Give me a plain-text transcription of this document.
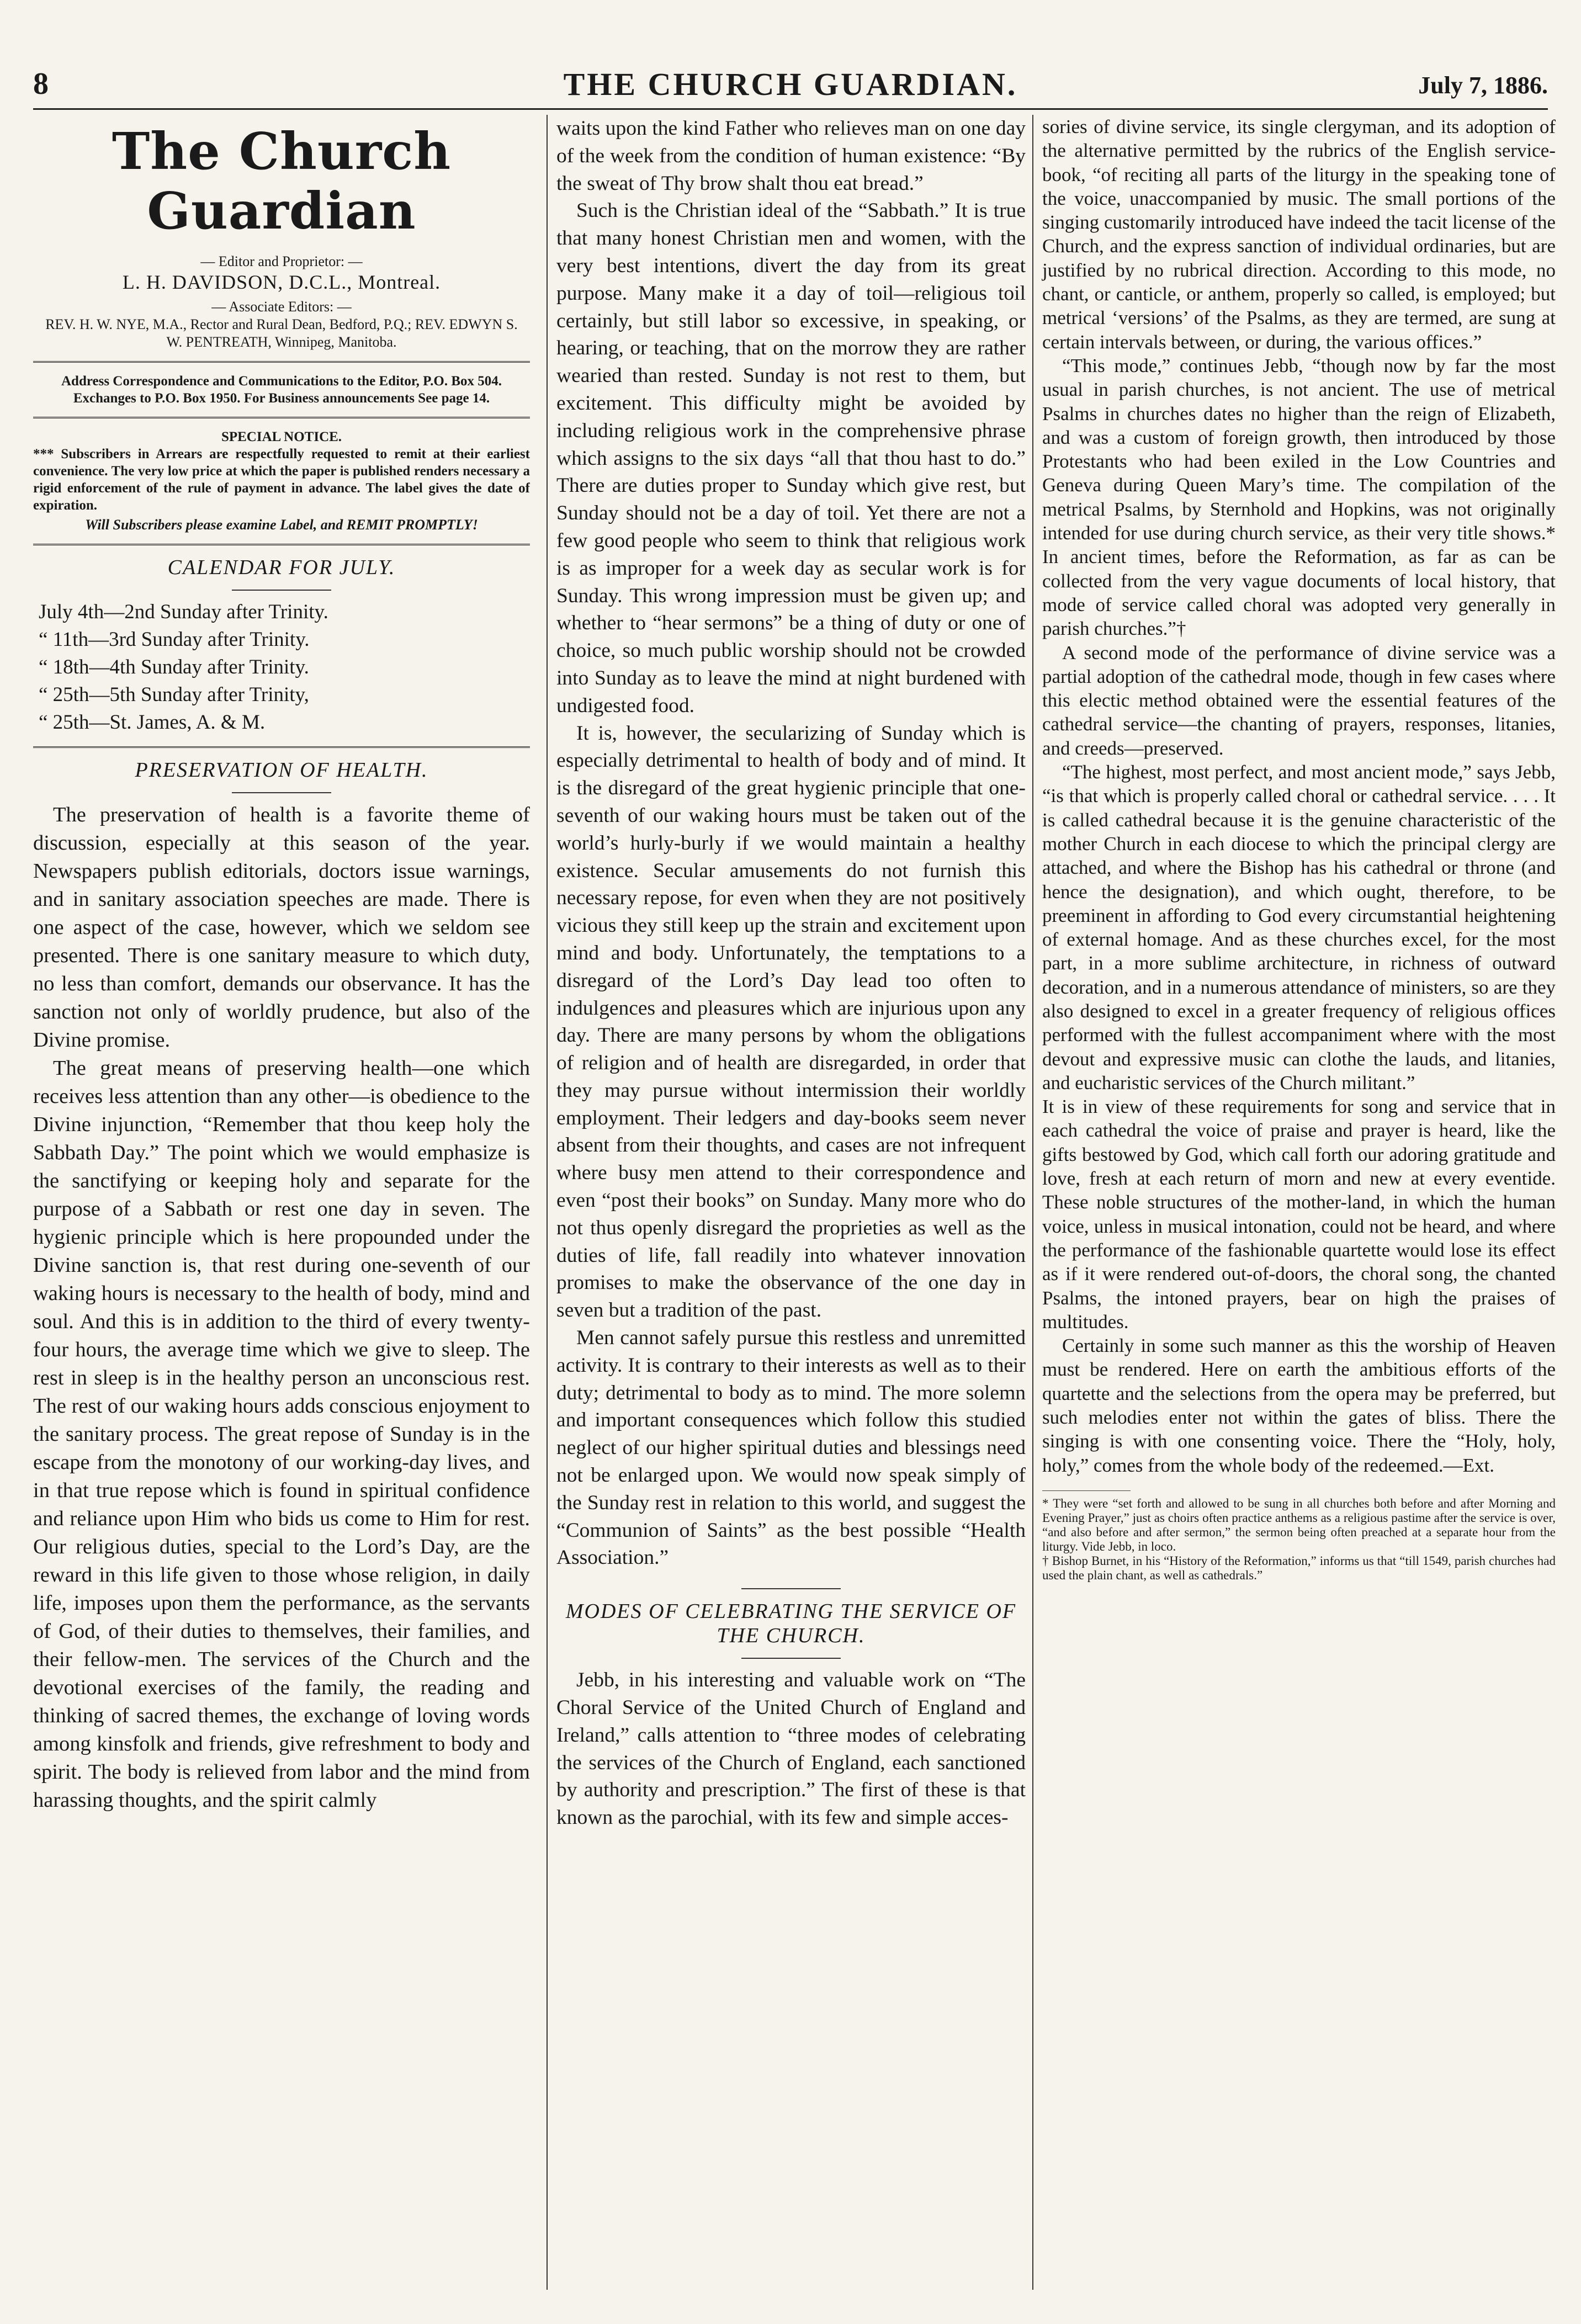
8	THE CHURCH GUARDIAN.	July 7, 1886.
The Church Guardian
— Editor and Proprietor: —
L. H. DAVIDSON, D.C.L., Montreal.
— Associate Editors: —
REV. H. W. NYE, M.A., Rector and Rural Dean, Bedford, P.Q.; REV. EDWYN S. W. PENTREATH, Winnipeg, Manitoba.
Address Correspondence and Communications to the Editor, P.O. Box 504. Exchanges to P.O. Box 1950. For Business announcements See page 14.
SPECIAL NOTICE.

*** Subscribers in Arrears are respectfully requested to remit at their earliest convenience. The very low price at which the paper is published renders necessary a rigid enforcement of the rule of payment in advance. The label gives the date of expiration.

Will Subscribers please examine Label, and REMIT PROMPTLY!

CALENDAR FOR JULY.
July 4th—2nd Sunday after Trinity.
“ 11th—3rd Sunday after Trinity.
“ 18th—4th Sunday after Trinity.
“ 25th—5th Sunday after Trinity,
“ 25th—St. James, A. & M.
PRESERVATION OF HEALTH.

The preservation of health is a favorite theme of discussion, especially at this season of the year. Newspapers publish editorials, doctors issue warnings, and in sanitary association speeches are made. There is one aspect of the case, however, which we seldom see presented. There is one sanitary measure to which duty, no less than comfort, demands our observance. It has the sanction not only of worldly prudence, but also of the Divine promise.

The great means of preserving health—one which receives less attention than any other—is obedience to the Divine injunction, “Remember that thou keep holy the Sabbath Day.” The point which we would emphasize is the sanctifying or keeping holy and separate for the purpose of a Sabbath or rest one day in seven. The hygienic principle which is here propounded under the Divine sanction is, that rest during one-seventh of our waking hours is necessary to the health of body, mind and soul. And this is in addition to the third of every twenty-four hours, the average time which we give to sleep. The rest in sleep is in the healthy person an unconscious rest. The rest of our waking hours adds conscious enjoyment to the sanitary process. The great repose of Sunday is in the escape from the monotony of our working-day lives, and in that true repose which is found in spiritual confidence and reliance upon Him who bids us come to Him for rest. Our religious duties, special to the Lord’s Day, are the reward in this life given to those whose religion, in daily life, imposes upon them the performance, as the servants of God, of their duties to themselves, their families, and their fellow-men. The services of the Church and the devotional exercises of the family, the reading and thinking of sacred themes, the exchange of loving words among kinsfolk and friends, give refreshment to body and spirit. The body is relieved from labor and the mind from harassing thoughts, and the spirit calmly

waits upon the kind Father who relieves man on one day of the week from the condition of human existence: “By the sweat of Thy brow shalt thou eat bread.”

Such is the Christian ideal of the “Sabbath.” It is true that many honest Christian men and women, with the very best intentions, divert the day from its great purpose. Many make it a day of toil—religious toil certainly, but still labor so excessive, in speaking, or hearing, or teaching, that on the morrow they are rather wearied than rested. Sunday is not rest to them, but excitement. This difficulty might be avoided by including religious work in the comprehensive phrase which assigns to the six days “all that thou hast to do.” There are duties proper to Sunday which give rest, but Sunday should not be a day of toil. Yet there are not a few good people who seem to think that religious work is as improper for a week day as secular work is for Sunday. This wrong impression must be given up; and whether to “hear sermons” be a thing of duty or one of choice, so much public worship should not be crowded into Sunday as to leave the mind at night burdened with undigested food.

It is, however, the secularizing of Sunday which is especially detrimental to health of body and of mind. It is the disregard of the great hygienic principle that one-seventh of our waking hours must be taken out of the world’s hurly-burly if we would maintain a healthy existence. Secular amusements do not furnish this necessary repose, for even when they are not positively vicious they still keep up the strain and excitement upon mind and body. Unfortunately, the temptations to a disregard of the Lord’s Day lead too often to indulgences and pleasures which are injurious upon any day. There are many persons by whom the obligations of religion and of health are disregarded, in order that they may pursue without intermission their worldly employment. Their ledgers and day-books seem never absent from their thoughts, and cases are not infrequent where busy men attend to their correspondence and even “post their books” on Sunday. Many more who do not thus openly disregard the proprieties as well as the duties of life, fall readily into whatever innovation promises to make the observance of the one day in seven but a tradition of the past.

Men cannot safely pursue this restless and unremitted activity. It is contrary to their interests as well as to their duty; detrimental to body as to mind. The more solemn and important consequences which follow this studied neglect of our higher spiritual duties and blessings need not be enlarged upon. We would now speak simply of the Sunday rest in relation to this world, and suggest the “Communion of Saints” as the best possible “Health Association.”

MODES OF CELEBRATING THE SERVICE OF THE CHURCH.

Jebb, in his interesting and valuable work on “The Choral Service of the United Church of England and Ireland,” calls attention to “three modes of celebrating the services of the Church of England, each sanctioned by authority and prescription.” The first of these is that known as the parochial, with its few and simple acces-

sories of divine service, its single clergyman, and its adoption of the alternative permitted by the rubrics of the English service-book, “of reciting all parts of the liturgy in the speaking tone of the voice, unaccompanied by music. The small portions of the singing customarily introduced have indeed the tacit license of the Church, and the express sanction of individual ordinaries, but are justified by no rubrical direction. According to this mode, no chant, or canticle, or anthem, properly so called, is employed; but metrical ‘versions’ of the Psalms, as they are termed, are sung at certain intervals between, or during, the various offices.”

“This mode,” continues Jebb, “though now by far the most usual in parish churches, is not ancient. The use of metrical Psalms in churches dates no higher than the reign of Elizabeth, and was a custom of foreign growth, then introduced by those Protestants who had been exiled in the Low Countries and Geneva during Queen Mary’s time. The compilation of the metrical Psalms, by Sternhold and Hopkins, was not originally intended for use during church service, as their very title shows.* In ancient times, before the Reformation, as far as can be collected from the very vague documents of local history, that mode of service called choral was adopted very generally in parish churches.”†

A second mode of the performance of divine service was a partial adoption of the cathedral mode, though in few cases where this electic method obtained were the essential features of the cathedral service—the chanting of prayers, responses, litanies, and creeds—preserved.

“The highest, most perfect, and most ancient mode,” says Jebb, “is that which is properly called choral or cathedral service. . . . It is called cathedral because it is the genuine characteristic of the mother Church in each diocese to which the principal clergy are attached, and where the Bishop has his cathedral or throne (and hence the designation), and which ought, therefore, to be preeminent in affording to God every circumstantial heightening of external homage. And as these churches excel, for the most part, in a more sublime architecture, in richness of outward decoration, and in a numerous attendance of ministers, so are they also designed to excel in a greater frequency of religious offices performed with the fullest accompaniment where with the most devout and expressive music can clothe the lauds, and litanies, and eucharistic services of the Church militant.”

It is in view of these requirements for song and service that in each cathedral the voice of praise and prayer is heard, like the gifts bestowed by God, which call forth our adoring gratitude and love, fresh at each return of morn and new at every eventide. These noble structures of the mother-land, in which the human voice, unless in musical intonation, could not be heard, and where the performance of the fashionable quartette would lose its effect as if it were rendered out-of-doors, the choral song, the chanted Psalms, the intoned prayers, bear on high the praises of multitudes.

Certainly in some such manner as this the worship of Heaven must be rendered. Here on earth the ambitious efforts of the quartette and the selections from the opera may be preferred, but such melodies enter not within the gates of bliss. There the singing is with one consenting voice. There the “Holy, holy, holy,” comes from the whole body of the redeemed.—Ext.

* They were “set forth and allowed to be sung in all churches both before and after Morning and Evening Prayer,” just as choirs often practice anthems as a religious pastime after the service is over, “and also before and after sermon,” the sermon being often preached at a separate hour from the liturgy. Vide Jebb, in loco.

† Bishop Burnet, in his “History of the Reformation,” informs us that “till 1549, parish churches had used the plain chant, as well as cathedrals.”
